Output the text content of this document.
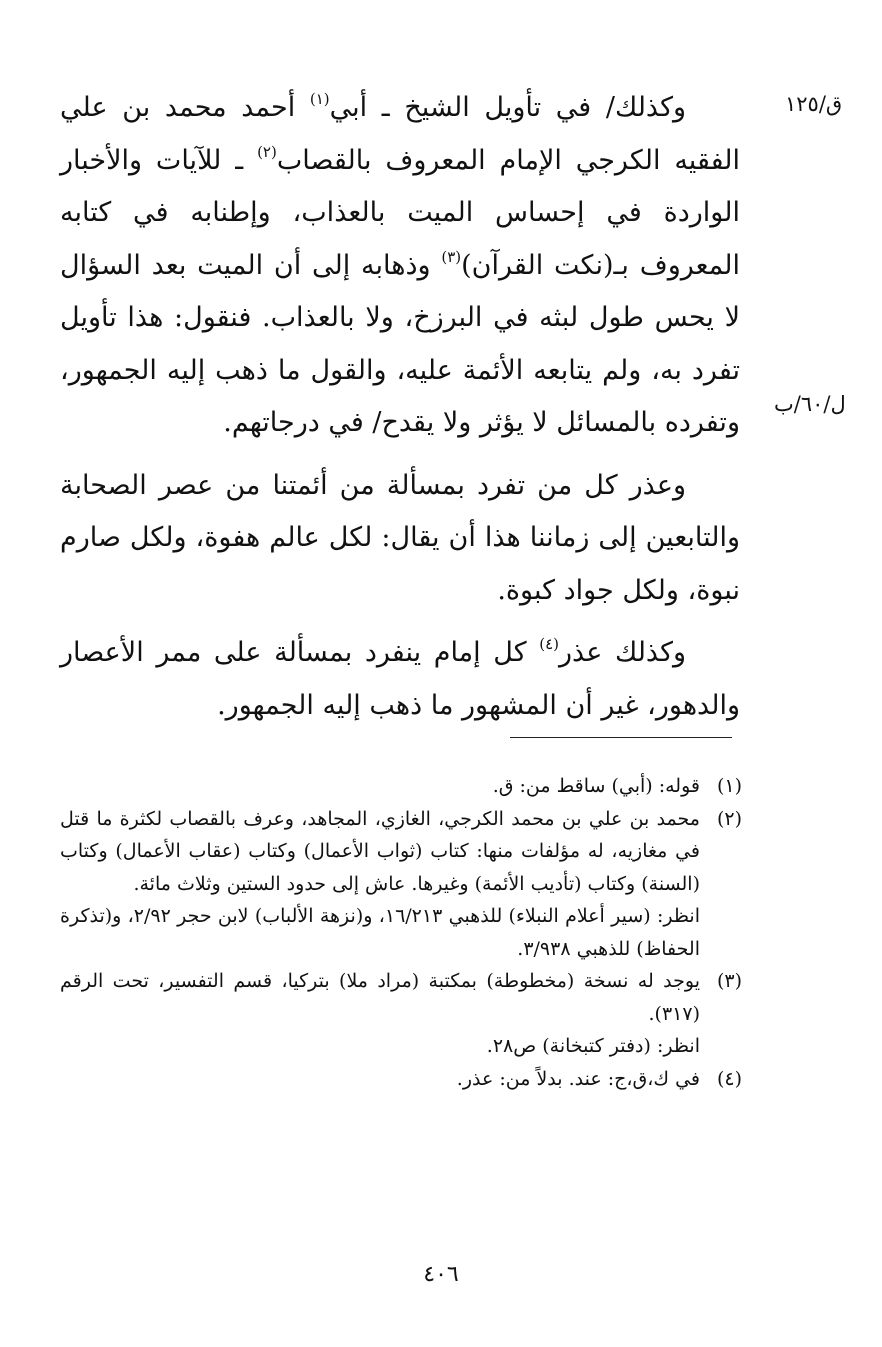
ق/١٢٥
ل/٦٠/ب

وكذلك/ في تأويل الشيخ ـ أبي$^{(١)}$ أحمد محمد بن علي الفقيه الكرجي الإمام المعروف بالقصاب$^{(٢)}$ ـ للآيات والأخبار الواردة في إحساس الميت بالعذاب، وإطنابه في كتابه المعروف بـ(نكت القرآن)$^{(٣)}$ وذهابه إلى أن الميت بعد السؤال لا يحس طول لبثه في البرزخ، ولا بالعذاب. فنقول: هذا تأويل تفرد به، ولم يتابعه الأئمة عليه، والقول ما ذهب إليه الجمهور، وتفرده بالمسائل لا يؤثر ولا يقدح/ في درجاتهم.

وعذر كل من تفرد بمسألة من أئمتنا من عصر الصحابة والتابعين إلى زماننا هذا أن يقال: لكل عالم هفوة، ولكل صارم نبوة، ولكل جواد كبوة.

وكذلك عذر$^{(٤)}$ كل إمام ينفرد بمسألة على ممر الأعصار والدهور، غير أن المشهور ما ذهب إليه الجمهور.

(١)

قوله: (أبي) ساقط من: ق.

(٢)

محمد بن علي بن محمد الكرجي، الغازي، المجاهد، وعرف بالقصاب لكثرة ما قتل في مغازيه، له مؤلفات منها: كتاب (ثواب الأعمال) وكتاب (عقاب الأعمال) وكتاب (السنة) وكتاب (تأديب الأئمة) وغيرها. عاش إلى حدود الستين وثلاث مائة.

انظر: (سير أعلام النبلاء) للذهبي ١٦/٢١٣، و(نزهة الألباب) لابن حجر ٢/٩٢، و(تذكرة الحفاظ) للذهبي ٣/٩٣٨.

(٣)

يوجد له نسخة (مخطوطة) بمكتبة (مراد ملا) بتركيا، قسم التفسير، تحت الرقم (٣١٧).

انظر: (دفتر كتبخانة) ص٢٨.

(٤)

في ك،ق،ج: عند. بدلاً من: عذر.

٤٠٦
